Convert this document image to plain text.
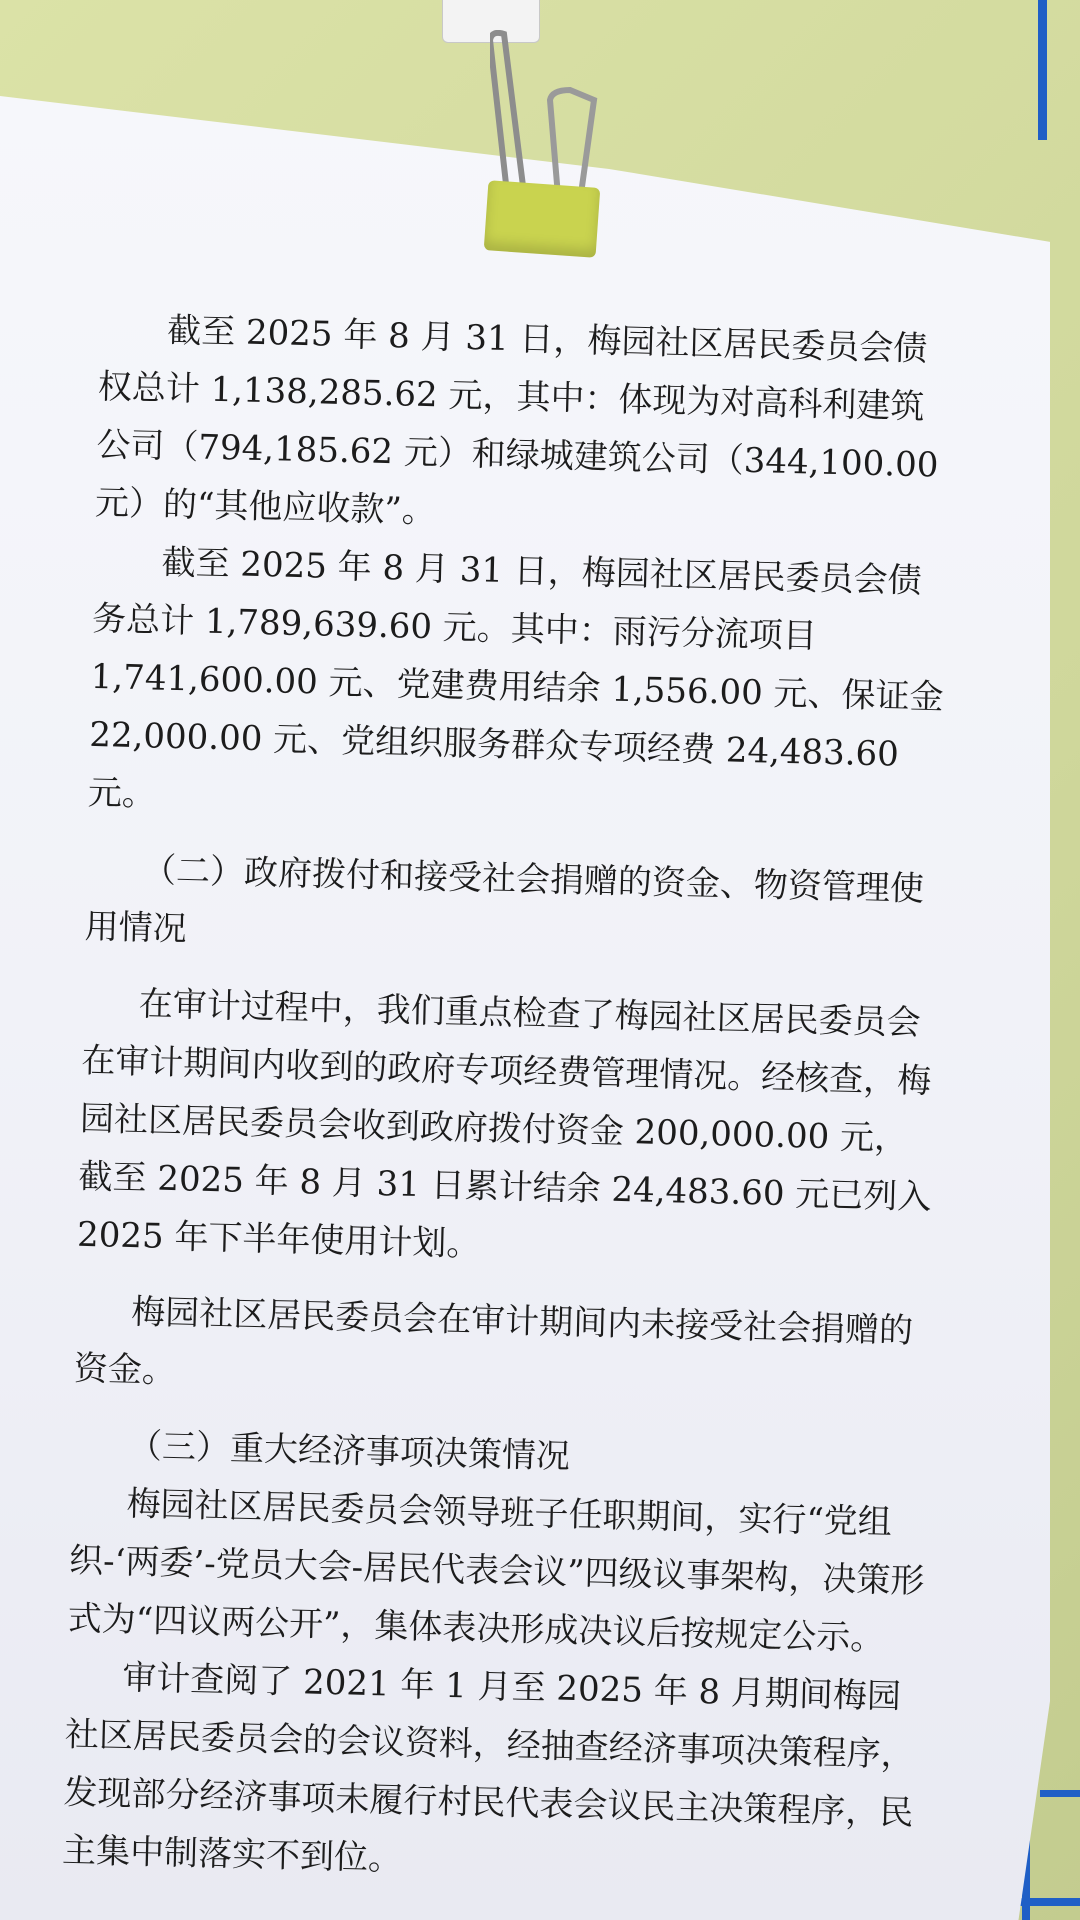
截至 2025 年 8 月 31 日，梅园社区居民委员会债权总计 1,138,285.62 元，其中：体现为对高科利建筑公司（794,185.62 元）和绿城建筑公司（344,100.00 元）的“其他应收款”。

截至 2025 年 8 月 31 日，梅园社区居民委员会债务总计 1,789,639.60 元。其中：雨污分流项目 1,741,600.00 元、党建费用结余 1,556.00 元、保证金 22,000.00 元、党组织服务群众专项经费 24,483.60 元。

（二）政府拨付和接受社会捐赠的资金、物资管理使用情况

在审计过程中，我们重点检查了梅园社区居民委员会在审计期间内收到的政府专项经费管理情况。经核查，梅园社区居民委员会收到政府拨付资金 200,000.00 元，截至 2025 年 8 月 31 日累计结余 24,483.60 元已列入 2025 年下半年使用计划。

梅园社区居民委员会在审计期间内未接受社会捐赠的资金。

（三）重大经济事项决策情况

梅园社区居民委员会领导班子任职期间，实行“党组织-‘两委’-党员大会-居民代表会议”四级议事架构，决策形式为“四议两公开”，集体表决形成决议后按规定公示。

审计查阅了 2021 年 1 月至 2025 年 8 月期间梅园社区居民委员会的会议资料，经抽查经济事项决策程序，发现部分经济事项未履行村民代表会议民主决策程序，民主集中制落实不到位。
